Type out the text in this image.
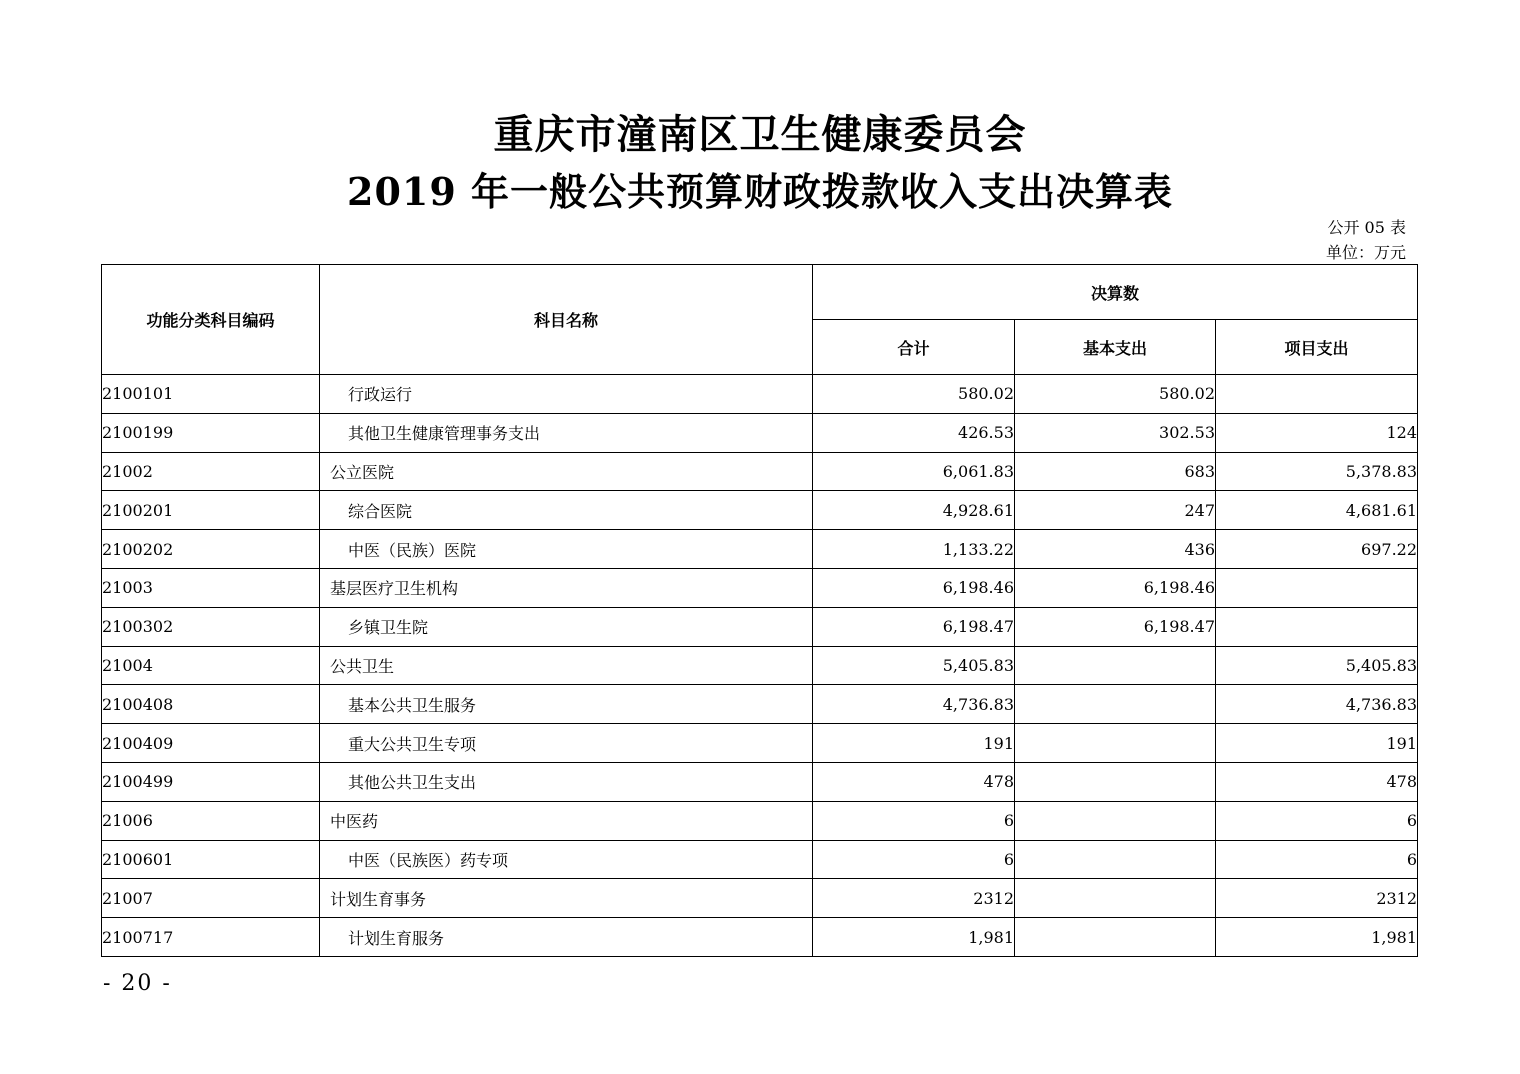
重庆市潼南区卫生健康委员会
2019 年一般公共预算财政拨款收入支出决算表
公开 05 表
单位：万元
功能分类科目编码	科目名称	决算数		
		合计	基本支出	项目支出
2100101	行政运行	580.02	580.02	
2100199	其他卫生健康管理事务支出	426.53	302.53	124
21002	公立医院	6,061.83	683	5,378.83
2100201	综合医院	4,928.61	247	4,681.61
2100202	中医（民族）医院	1,133.22	436	697.22
21003	基层医疗卫生机构	6,198.46	6,198.46	
2100302	乡镇卫生院	6,198.47	6,198.47	
21004	公共卫生	5,405.83		5,405.83
2100408	基本公共卫生服务	4,736.83		4,736.83
2100409	重大公共卫生专项	191		191
2100499	其他公共卫生支出	478		478
21006	中医药	6		6
2100601	中医（民族医）药专项	6		6
21007	计划生育事务	2312		2312
2100717	计划生育服务	1,981		1,981
- 20 -
